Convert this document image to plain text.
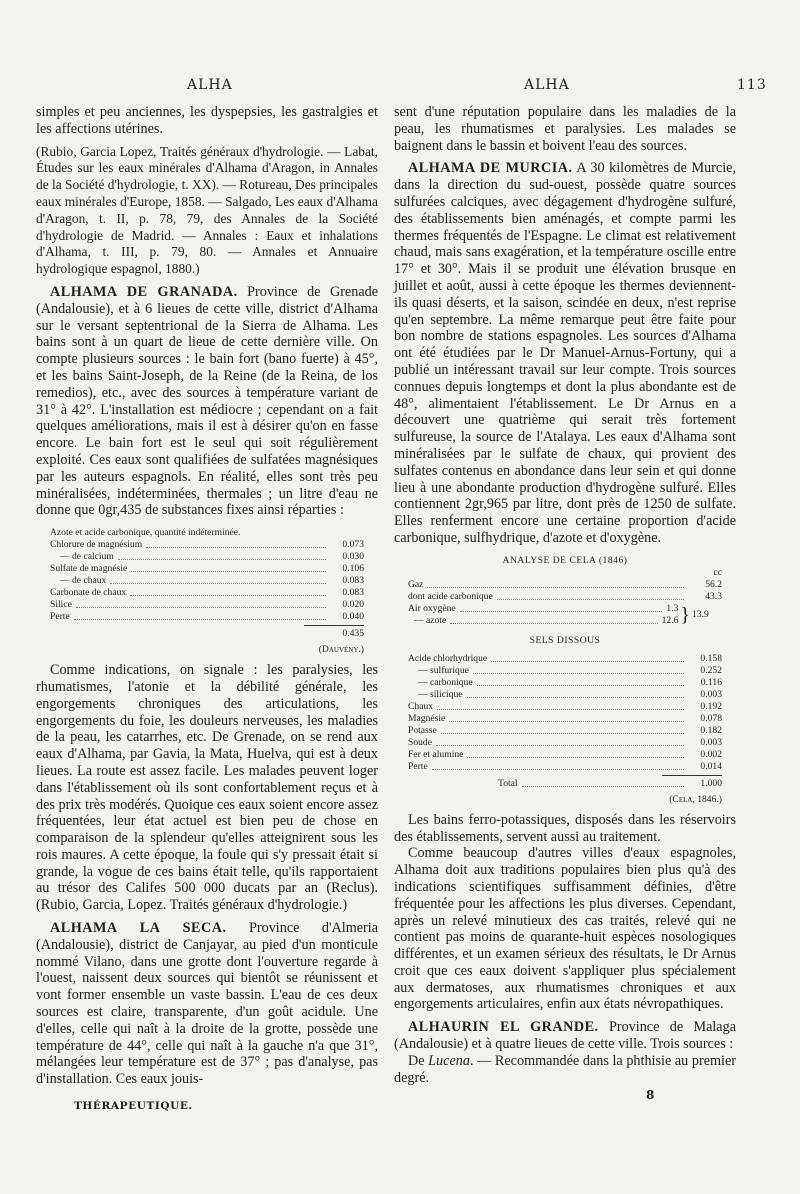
ALHA	ALHA	113

simples et peu anciennes, les dyspepsies, les gastralgies et les affections utérines.

(Rubio, Garcia Lopez, Traités généraux d'hydrologie. — Labat, Études sur les eaux minérales d'Alhama d'Aragon, in Annales de la Société d'hydrologie, t. XX). — Rotureau, Des principales eaux minérales d'Europe, 1858. — Salgado, Les eaux d'Alhama d'Aragon, t. II, p. 78, 79, des Annales de la Société d'hydrologie de Madrid. — Annales : Eaux et inhalations d'Alhama, t. III, p. 79, 80. — Annales et Annuaire hydrologique espagnol, 1880.)

ALHAMA DE GRANADA. Province de Grenade (Andalousie), et à 6 lieues de cette ville, district d'Alhama sur le versant septentrional de la Sierra de Alhama. Les bains sont à un quart de lieue de cette dernière ville. On compte plusieurs sources : le bain fort (bano fuerte) à 45°, et les bains Saint-Joseph, de la Reine (de la Reina, de los remedios), etc., avec des sources à température variant de 31° à 42°. L'installation est médiocre ; cependant on a fait quelques améliorations, mais il est à désirer qu'on en fasse encore. Le bain fort est le seul qui soit régulièrement exploité. Ces eaux sont qualifiées de sulfatées magnésiques par les auteurs espagnols. En réalité, elles sont très peu minéralisées, indéterminées, thermales ; un litre d'eau ne donne que 0gr,435 de substances fixes ainsi réparties :

Azote et acide carbonique, quantité indéterminée.
Chlorure de magnésium	0.073
— de calcium	0.030
Sulfate de magnésie	0.106
— de chaux	0.083
Carbonate de chaux	0.083
Silice	0.020
Perte	0.040
0.435
(Dauvény.)

Comme indications, on signale : les paralysies, les rhumatismes, l'atonie et la débilité générale, les engorgements chroniques des articulations, les engorgements du foie, les douleurs nerveuses, les maladies de la peau, les catarrhes, etc. De Grenade, on se rend aux eaux d'Alhama, par Gavia, la Mata, Huelva, qui est à deux lieues. La route est assez facile. Les malades peuvent loger dans l'établissement où ils sont confortablement reçus et à des prix très modérés. Quoique ces eaux soient encore assez fréquentées, leur état actuel est bien peu de chose en comparaison de la splendeur qu'elles atteignirent sous les rois maures. A cette époque, la foule qui s'y pressait était si grande, la vogue de ces bains était telle, qu'ils rapportaient au trésor des Califes 500 000 ducats par an (Reclus). (Rubio, Garcia, Lopez. Traités généraux d'hydrologie.)

ALHAMA LA SECA. Province d'Almeria (Andalousie), district de Canjayar, au pied d'un monticule nommé Vilano, dans une grotte dont l'ouverture regarde à l'ouest, naissent deux sources qui bientôt se réunissent et vont former ensemble un vaste bassin. L'eau de ces deux sources est claire, transparente, d'un goût acidule. Une d'elles, celle qui naît à la droite de la grotte, possède une température de 44°, celle qui naît à la gauche n'a que 31°, mélangées leur température est de 37° ; pas d'analyse, pas d'installation. Ces eaux jouis-

THÉRAPEUTIQUE.

sent d'une réputation populaire dans les maladies de la peau, les rhumatismes et paralysies. Les malades se baignent dans le bassin et boivent l'eau des sources.

ALHAMA DE MURCIA. A 30 kilomètres de Murcie, dans la direction du sud-ouest, possède quatre sources sulfurées calciques, avec dégagement d'hydrogène sulfuré, des établissements bien aménagés, et compte parmi les thermes fréquentés de l'Espagne. Le climat est relativement chaud, mais sans exagération, et la température oscille entre 17° et 30°. Mais il se produit une élévation brusque en juillet et août, aussi à cette époque les thermes deviennent-ils quasi déserts, et la saison, scindée en deux, n'est reprise qu'en septembre. La même remarque peut être faite pour bon nombre de stations espagnoles. Les sources d'Alhama ont été étudiées par le Dr Manuel-Arnus-Fortuny, qui a publié un intéressant travail sur leur compte. Trois sources connues depuis longtemps et dont la plus abondante est de 48°, alimentaient l'établissement. Le Dr Arnus en a découvert une quatrième qui serait très fortement sulfureuse, la source de l'Atalaya. Les eaux d'Alhama sont minéralisées par le sulfate de chaux, qui provient des sulfates contenus en abondance dans leur sein et qui donne lieu à une abondante production d'hydrogène sulfuré. Elles contiennent 2gr,965 par litre, dont près de 1250 de sulfate. Elles renferment encore une certaine proportion d'acide carbonique, sulfhydrique, d'azote et d'oxygène.

ANALYSE DE CELA (1846)
cc
Gaz	56.2
dont acide carbonique	43.3
Air oxygène	1.3
— azote	12.6 } 13.9
SELS DISSOUS
Acide chlorhydrique	0.158
— sulfurique	0.252
— carbonique	0.116
— silicique	0.003
Chaux	0.192
Magnésie	0.078
Potasse	0.182
Soude	0.003
Fer et alumine	0.002
Perte	0.014
Total	1.000
(Cela, 1846.)

Les bains ferro-potassiques, disposés dans les réservoirs des établissements, servent aussi au traitement.

Comme beaucoup d'autres villes d'eaux espagnoles, Alhama doit aux traditions populaires bien plus qu'à des indications scientifiques suffisamment définies, d'être fréquentée pour les affections les plus diverses. Cependant, après un relevé minutieux des cas traités, relevé qui ne contient pas moins de quarante-huit espèces nosologiques différentes, et un examen sérieux des résultats, le Dr Arnus croit que ces eaux doivent s'appliquer plus spécialement aux dermatoses, aux rhumatismes chroniques et aux engorgements articulaires, enfin aux états névropathiques.

ALHAURIN EL GRANDE. Province de Malaga (Andalousie) et à quatre lieues de cette ville. Trois sources :

De Lucena. — Recommandée dans la phthisie au premier degré.

8
